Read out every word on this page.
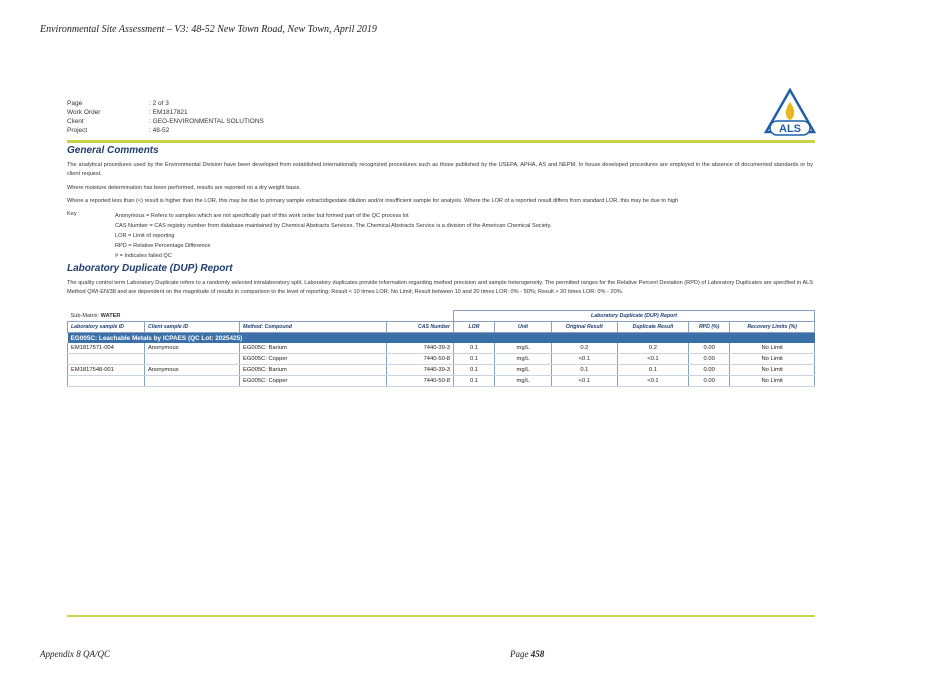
Environmental Site Assessment – V3: 48-52 New Town Road, New Town, April 2019
Page	: 2 of 3
Work Order	: EM1817821
Client	: GEO-ENVIRONMENTAL SOLUTIONS
Project	: 48-52	ALS
General Comments
The analytical procedures used by the Environmental Division have been developed from established internationally recognized procedures such as those published by the USEPA, APHA, AS and NEPM. In house developed procedures are employed in the absence of documented standards or by client request.
Where moisture determination has been performed, results are reported on a dry weight basis.
Where a reported less than (<) result is higher than the LOR, this may be due to primary sample extract/digestate dilution and/or insufficient sample for analysis. Where the LOR of a reported result differs from standard LOR, this may be due to high
Key :	Anonymous = Refers to samples which are not specifically part of this work order but formed part of the QC process lot
CAS Number = CAS registry number from database maintained by Chemical Abstracts Services. The Chemical Abstracts Service is a division of the American Chemical Society.
LOR = Limit of reporting
RPD = Relative Percentage Difference
# = Indicates failed QC
Laboratory Duplicate (DUP) Report
The quality control term Laboratory Duplicate refers to a randomly selected intralaboratory split. Laboratory duplicates provide information regarding method precision and sample heterogeneity. The permitted ranges for the Relative Percent Deviation (RPD) of Laboratory Duplicates are specified in ALS Method QWI-EN/38 and are dependent on the magnitude of results in comparison to the level of reporting: Result < 10 times LOR: No Limit; Result between 10 and 20 times LOR: 0% - 50%; Result > 20 times LOR: 0% - 20%.
Sub-Matrix: WATER				Laboratory Duplicate (DUP) Report					
Laboratory sample ID	Client sample ID	Method: Compound	CAS Number	LOR	Unit	Original Result	Duplicate Result	RPD (%)	Recovery Limits (%)
EG005C: Leachable Metals by ICPAES (QC Lot: 2025425)									
EM1817571-004	Anonymous	EG005C: Barium	7440-39-3	0.1	mg/L	0.2	0.2	0.00	No Limit
		EG005C: Copper	7440-50-8	0.1	mg/L	<0.1	<0.1	0.00	No Limit
EM1817548-001	Anonymous	EG005C: Barium	7440-39-3	0.1	mg/L	0.1	0.1	0.00	No Limit
		EG005C: Copper	7440-50-8	0.1	mg/L	<0.1	<0.1	0.00	No Limit
Appendix 8 QA/QC	Page 458
